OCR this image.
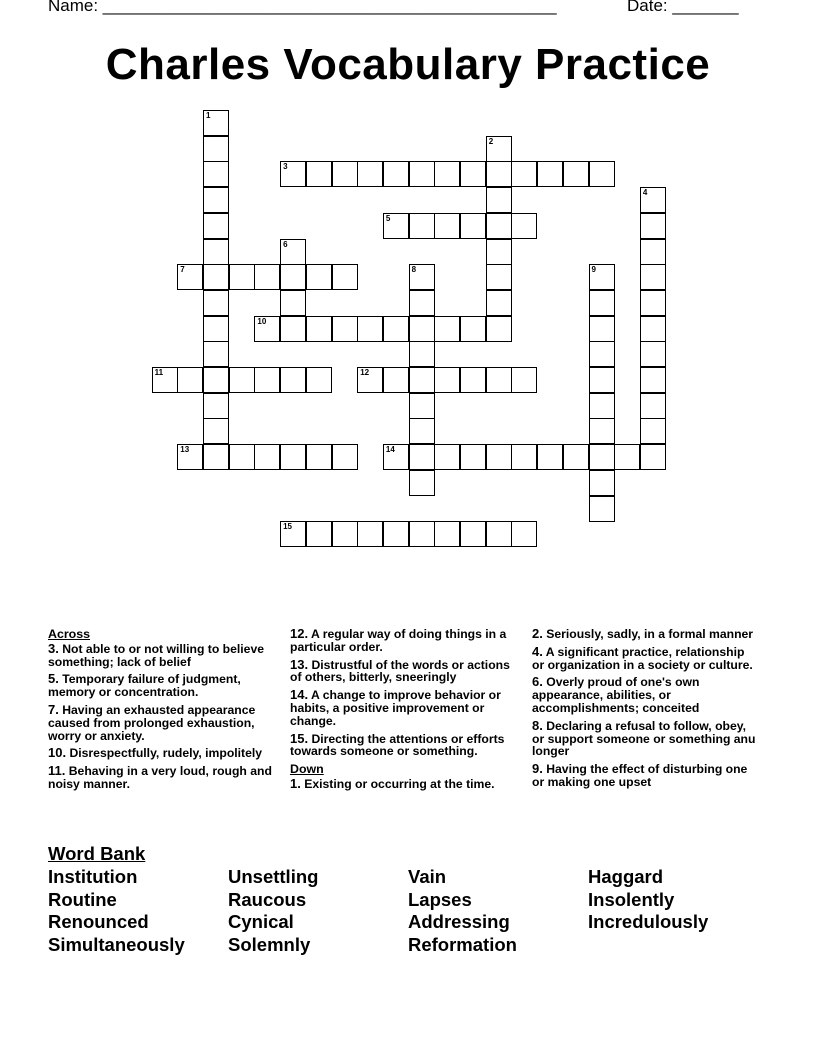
Name: ________________________________________________	Date: _______
Charles Vocabulary Practice
1
2
3
4
5
6
7	8	9
10
11	12
13	14
15
Across
3. Not able to or not willing to believe something; lack of belief
5. Temporary failure of judgment, memory or concentration.
7. Having an exhausted appearance caused from prolonged exhaustion, worry or anxiety.
10. Disrespectfully, rudely, impolitely
11. Behaving in a very loud, rough and noisy manner.
12. A regular way of doing things in a particular order.
13. Distrustful of the words or actions of others, bitterly, sneeringly
14. A change to improve behavior or habits, a positive improvement or change.
15. Directing the attentions or efforts towards someone or something.
Down
1. Existing or occurring at the time.
2. Seriously, sadly, in a formal manner
4. A significant practice, relationship or organization in a society or culture.
6. Overly proud of one's own appearance, abilities, or accomplishments; conceited
8. Declaring a refusal to follow, obey, or support someone or something anu longer
9. Having the effect of disturbing one or making one upset
Word Bank
Institution	Unsettling	Vain	Haggard
Routine	Raucous	Lapses	Insolently
Renounced	Cynical	Addressing	Incredulously
Simultaneously	Solemnly	Reformation
